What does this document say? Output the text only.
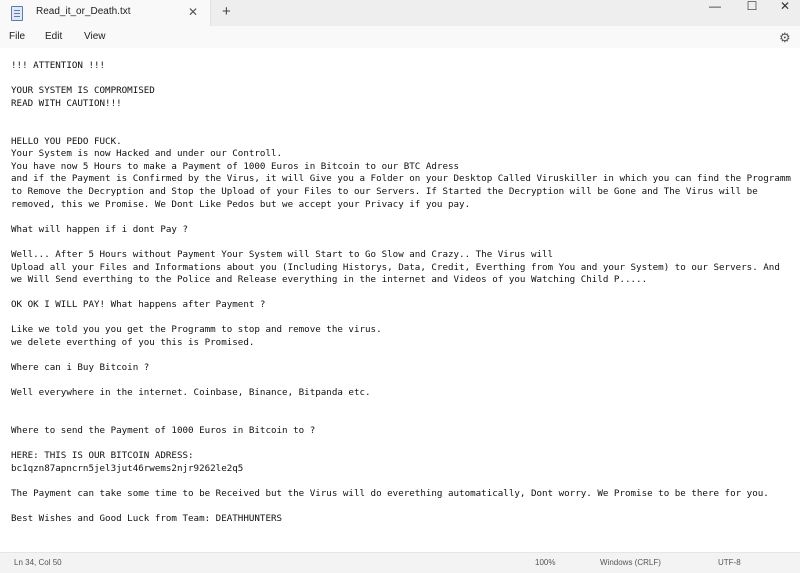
Read_it_or_Death.txt	✕ +	—	☐	✕
File Edit View	⚙
!!! ATTENTION !!!

YOUR SYSTEM IS COMPROMISED
READ WITH CAUTION!!!

HELLO YOU PEDO FUCK.
Your System is now Hacked and under our Controll.
You have now 5 Hours to make a Payment of 1000 Euros in Bitcoin to our BTC Adress
and if the Payment is Confirmed by the Virus, it will Give you a Folder on your Desktop Called Viruskiller in which you can find the Programm to Remove the Decryption and Stop the Upload of your Files to our Servers. If Started the Decryption will be Gone and The Virus will be removed, this we Promise. We Dont Like Pedos but we accept your Privacy if you pay.

What will happen if i dont Pay ?

Well... After 5 Hours without Payment Your System will Start to Go Slow and Crazy.. The Virus will
Upload all your Files and Informations about you (Including Historys, Data, Credit, Everthing from You and your System) to our Servers. And we Will Send everthing to the Police and Release everything in the internet and Videos of you Watching Child P.....

OK OK I WILL PAY! What happens after Payment ?

Like we told you you get the Programm to stop and remove the virus.
we delete everthing of you this is Promised.

Where can i Buy Bitcoin ?

Well everywhere in the internet. Coinbase, Binance, Bitpanda etc.

Where to send the Payment of 1000 Euros in Bitcoin to ?

HERE: THIS IS OUR BITCOIN ADRESS:
bc1qzn87apncrn5jel3jut46rwems2njr9262le2q5

The Payment can take some time to be Received but the Virus will do everething automatically, Dont worry. We Promise to be there for you.

Best Wishes and Good Luck from Team: DEATHHUNTERS
Ln 34, Col 50	100%	Windows (CRLF)	UTF-8
